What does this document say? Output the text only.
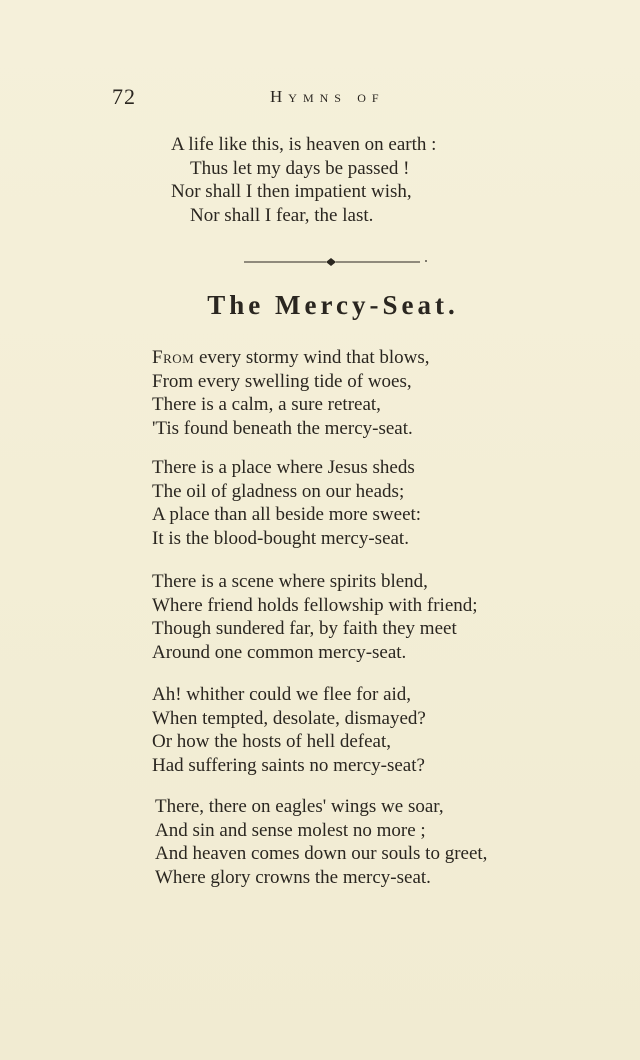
72	Hymns of
A life like this, is heaven on earth :
Thus let my days be passed !
Nor shall I then impatient wish,
Nor shall I fear, the last.
The Mercy-Seat.
From every stormy wind that blows,
From every swelling tide of woes,
There is a calm, a sure retreat,
'Tis found beneath the mercy-seat.
There is a place where Jesus sheds
The oil of gladness on our heads;
A place than all beside more sweet:
It is the blood-bought mercy-seat.
There is a scene where spirits blend,
Where friend holds fellowship with friend;
Though sundered far, by faith they meet
Around one common mercy-seat.
Ah! whither could we flee for aid,
When tempted, desolate, dismayed?
Or how the hosts of hell defeat,
Had suffering saints no mercy-seat?
There, there on eagles' wings we soar,
And sin and sense molest no more ;
And heaven comes down our souls to greet,
Where glory crowns the mercy-seat.
